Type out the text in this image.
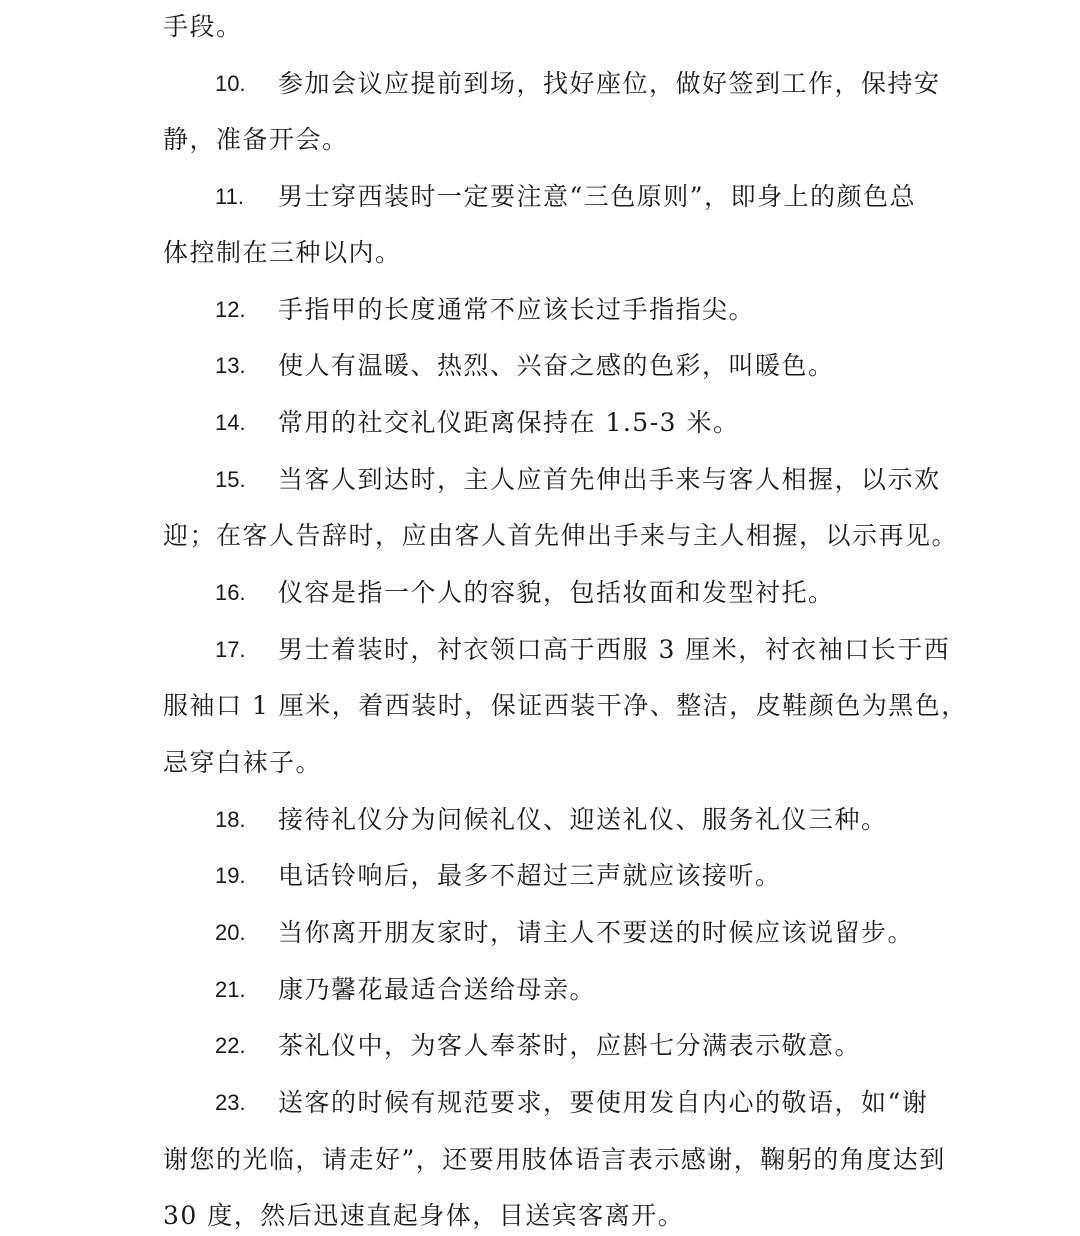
手段。
10. 参加会议应提前到场，找好座位，做好签到工作，保持安
静，准备开会。
11. 男士穿西装时一定要注意“三色原则”，即身上的颜色总
体控制在三种以内。
12. 手指甲的长度通常不应该长过手指指尖。
13. 使人有温暖、热烈、兴奋之感的色彩，叫暖色。
14. 常用的社交礼仪距离保持在 1.5-3 米。
15. 当客人到达时，主人应首先伸出手来与客人相握，以示欢
迎；在客人告辞时，应由客人首先伸出手来与主人相握，以示再见。
16. 仪容是指一个人的容貌，包括妆面和发型衬托。
17. 男士着装时，衬衣领口高于西服 3 厘米，衬衣袖口长于西
服袖口 1 厘米，着西装时，保证西装干净、整洁，皮鞋颜色为黑色，
忌穿白袜子。
18. 接待礼仪分为问候礼仪、迎送礼仪、服务礼仪三种。
19. 电话铃响后，最多不超过三声就应该接听。
20. 当你离开朋友家时，请主人不要送的时候应该说留步。
21. 康乃馨花最适合送给母亲。
22. 茶礼仪中，为客人奉茶时，应斟七分满表示敬意。
23. 送客的时候有规范要求，要使用发自内心的敬语，如“谢
谢您的光临，请走好”，还要用肢体语言表示感谢，鞠躬的角度达到
30 度，然后迅速直起身体，目送宾客离开。
